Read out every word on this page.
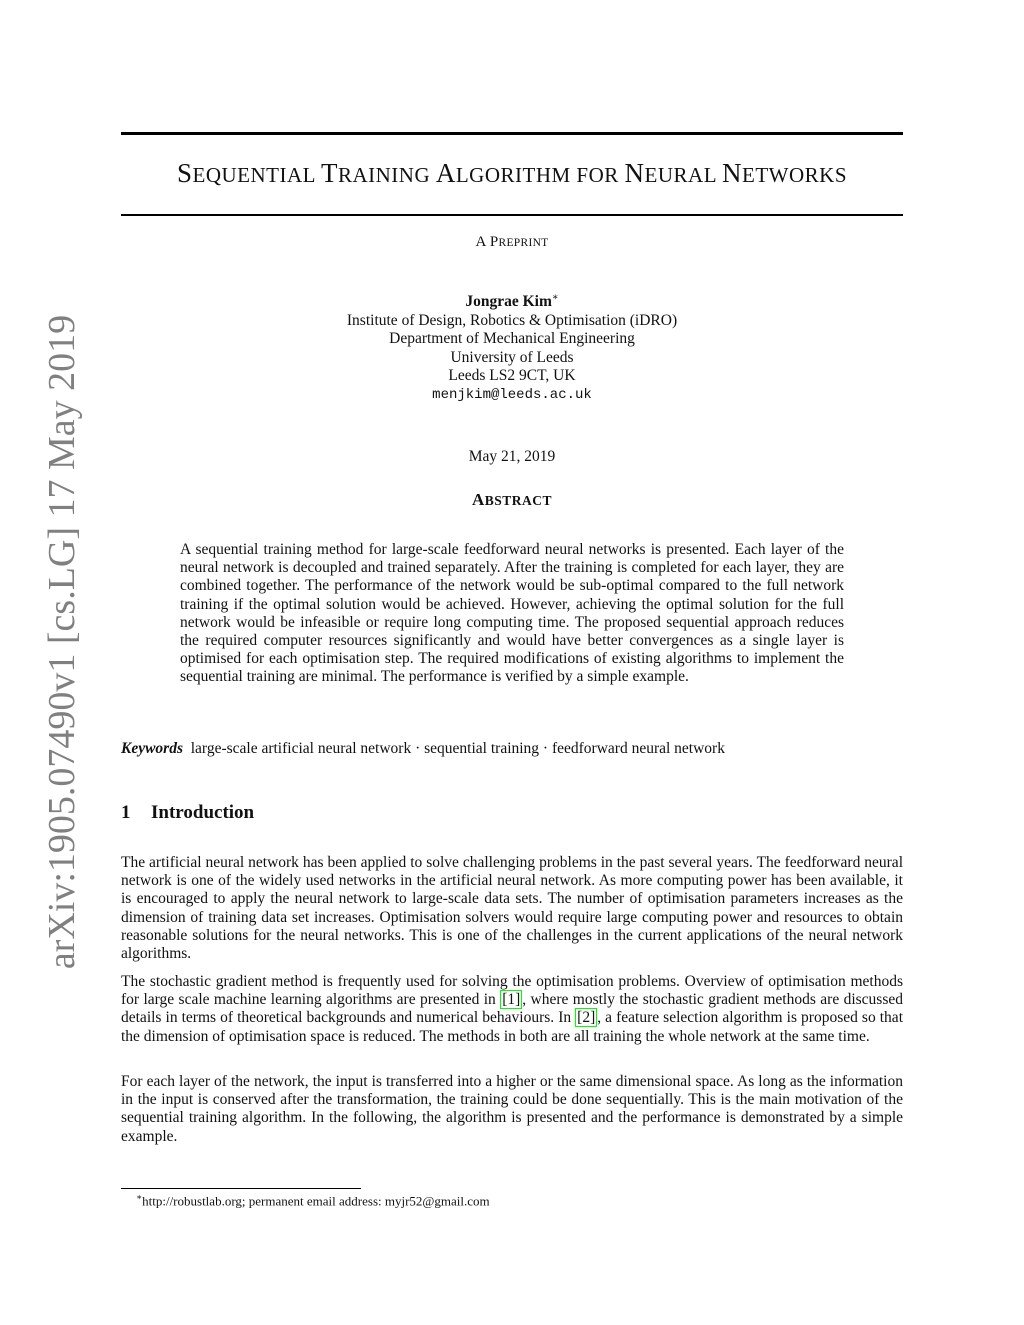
arXiv:1905.07490v1 [cs.LG] 17 May 2019
SEQUENTIAL TRAINING ALGORITHM FOR NEURAL NETWORKS
A PREPRINT
Jongrae Kim∗
Institute of Design, Robotics & Optimisation (iDRO)
Department of Mechanical Engineering
University of Leeds
Leeds LS2 9CT, UK
menjkim@leeds.ac.uk
May 21, 2019
ABSTRACT
A sequential training method for large-scale feedforward neural networks is presented. Each layer of the neural network is decoupled and trained separately. After the training is completed for each layer, they are combined together. The performance of the network would be sub-optimal compared to the full network training if the optimal solution would be achieved. However, achieving the optimal solution for the full network would be infeasible or require long computing time. The proposed sequential approach reduces the required computer resources significantly and would have better convergences as a single layer is optimised for each optimisation step. The required modifications of existing algorithms to implement the sequential training are minimal. The performance is verified by a simple example.
Keywords large-scale artificial neural network · sequential training · feedforward neural network
1 Introduction

The artificial neural network has been applied to solve challenging problems in the past several years. The feedforward neural network is one of the widely used networks in the artificial neural network. As more computing power has been available, it is encouraged to apply the neural network to large-scale data sets. The number of optimisation parameters increases as the dimension of training data set increases. Optimisation solvers would require large computing power and resources to obtain reasonable solutions for the neural networks. This is one of the challenges in the current applications of the neural network algorithms.

The stochastic gradient method is frequently used for solving the optimisation problems. Overview of optimisation methods for large scale machine learning algorithms are presented in [1] , where mostly the stochastic gradient methods are discussed details in terms of theoretical backgrounds and numerical behaviours. In [2] , a feature selection algorithm is proposed so that the dimension of optimisation space is reduced. The methods in both are all training the whole network at the same time.

For each layer of the network, the input is transferred into a higher or the same dimensional space. As long as the information in the input is conserved after the transformation, the training could be done sequentially. This is the main motivation of the sequential training algorithm. In the following, the algorithm is presented and the performance is demonstrated by a simple example.

∗http://robustlab.org; permanent email address: myjr52@gmail.com
